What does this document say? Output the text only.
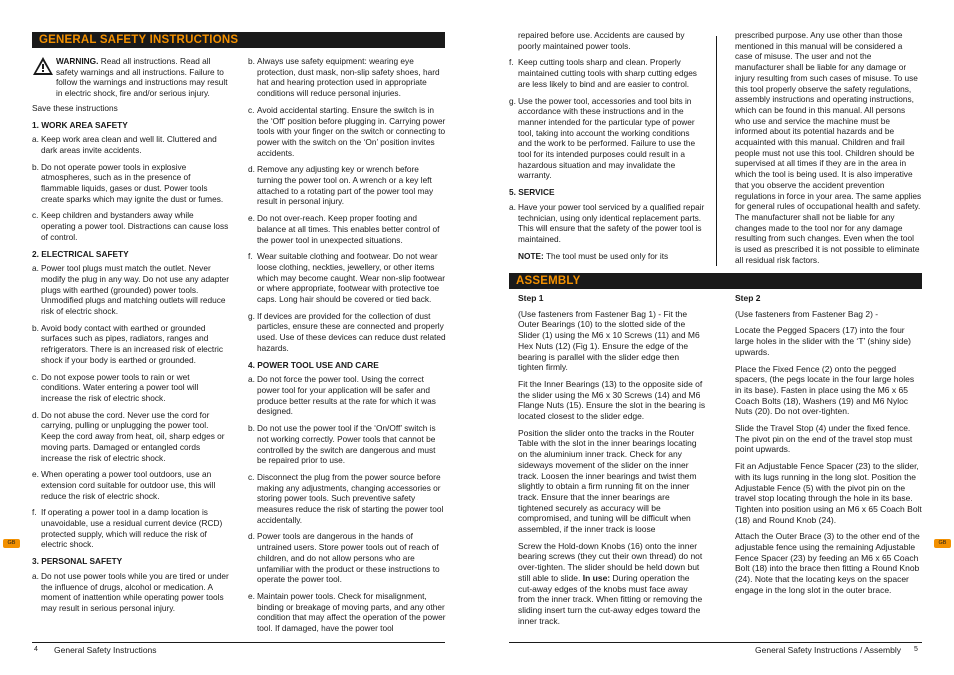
GENERAL SAFETY INSTRUCTIONS
WARNING. Read all instructions. Read all safety warnings and all instructions. Failure to follow the warnings and instructions may result in electric shock, fire and/or serious injury.

Save these instructions

1. WORK AREA SAFETY
a. Keep work area clean and well lit. Cluttered and dark areas invite accidents.
b. Do not operate power tools in explosive atmospheres, such as in the presence of flammable liquids, gases or dust. Power tools create sparks which may ignite the dust or fumes.
c. Keep children and bystanders away while operating a power tool. Distractions can cause loss of control.
2. ELECTRICAL SAFETY
a. Power tool plugs must match the outlet. Never modify the plug in any way. Do not use any adapter plugs with earthed (grounded) power tools. Unmodified plugs and matching outlets will reduce risk of electric shock.
b. Avoid body contact with earthed or grounded surfaces such as pipes, radiators, ranges and refrigerators. There is an increased risk of electric shock if your body is earthed or grounded.
c. Do not expose power tools to rain or wet conditions. Water entering a power tool will increase the risk of electric shock.
d. Do not abuse the cord. Never use the cord for carrying, pulling or unplugging the power tool. Keep the cord away from heat, oil, sharp edges or moving parts. Damaged or entangled cords increase the risk of electric shock.
e. When operating a power tool outdoors, use an extension cord suitable for outdoor use, this will reduce the risk of electric shock.
f. If operating a power tool in a damp location is unavoidable, use a residual current device (RCD) protected supply, which will reduce the risk of electric shock.
3. PERSONAL SAFETY
a. Do not use power tools while you are tired or under the influence of drugs, alcohol or medication. A moment of inattention while operating power tools may result in serious personal injury.
b. Always use safety equipment: wearing eye protection, dust mask, non-slip safety shoes, hard hat and hearing protection used in appropriate conditions will reduce personal injuries.
c. Avoid accidental starting. Ensure the switch is in the ‘Off’ position before plugging in. Carrying power tools with your finger on the switch or connecting to power with the switch on the ‘On’ position invites accidents.
d. Remove any adjusting key or wrench before turning the power tool on. A wrench or a key left attached to a rotating part of the power tool may result in personal injury.
e. Do not over-reach. Keep proper footing and balance at all times. This enables better control of the power tool in unexpected situations.
f. Wear suitable clothing and footwear. Do not wear loose clothing, neckties, jewellery, or other items which may become caught. Wear non-slip footwear or where appropriate, footwear with protective toe caps. Long hair should be covered or tied back.
g. If devices are provided for the collection of dust particles, ensure these are connected and properly used. Use of these devices can reduce dust related hazards.
4. POWER TOOL USE AND CARE
a. Do not force the power tool. Using the correct power tool for your application will be safer and produce better results at the rate for which it was designed.
b. Do not use the power tool if the ‘On/Off’ switch is not working correctly. Power tools that cannot be controlled by the switch are dangerous and must be repaired prior to use.
c. Disconnect the plug from the power source before making any adjustments, changing accessories or storing power tools. Such preventive safety measures reduce the risk of starting the power tool accidentally.
d. Power tools are dangerous in the hands of untrained users. Store power tools out of reach of children, and do not allow persons who are unfamiliar with the product or these instructions to operate the power tool.
e. Maintain power tools. Check for misalignment, binding or breakage of moving parts, and any other condition that may affect the operation of the power tool. If damaged, have the power tool
repaired before use. Accidents are caused by poorly maintained power tools.
f. Keep cutting tools sharp and clean. Properly maintained cutting tools with sharp cutting edges are less likely to bind and are easier to control.
g. Use the power tool, accessories and tool bits in accordance with these instructions and in the manner intended for the particular type of power tool, taking into account the working conditions and the work to be performed. Failure to use the tool for its intended purposes could result in a hazardous situation and may invalidate the warranty.
5. SERVICE
a. Have your power tool serviced by a qualified repair technician, using only identical replacement parts. This will ensure that the safety of the power tool is maintained.
NOTE: The tool must be used only for its

prescribed purpose. Any use other than those mentioned in this manual will be considered a case of misuse. The user and not the manufacturer shall be liable for any damage or injury resulting from such cases of misuse. To use this tool properly observe the safety regulations, assembly instructions and operating instructions, which can be found in this manual. All persons who use and service the machine must be informed about its potential hazards and be acquainted with this manual. Children and frail people must not use this tool. Children should be supervised at all times if they are in the area in which the tool is being used. It is also imperative that you observe the accident prevention regulations in force in your area. The same applies for general rules of occupational health and safety. The manufacturer shall not be liable for any changes made to the tool nor for any damage resulting from such changes. Even when the tool is used as prescribed it is not possible to eliminate all residual risk factors.

ASSEMBLY
Step 1

(Use fasteners from Fastener Bag 1) - Fit the Outer Bearings (10) to the slotted side of the Slider (1) using the M6 x 10 Screws (11) and M6 Hex Nuts (12) (Fig 1). Ensure the edge of the bearing is parallel with the slider edge then tighten firmly.

Fit the Inner Bearings (13) to the opposite side of the slider using the M6 x 30 Screws (14) and M6 Flange Nuts (15). Ensure the slot in the bearing is located closest to the slider edge.

Position the slider onto the tracks in the Router Table with the slot in the inner bearings locating on the aluminium inner track. Check for any sideways movement of the slider on the inner track. Loosen the inner bearings and twist them slightly to obtain a firm running fit on the inner track. Ensure that the inner bearings are tightened securely as accuracy will be compromised, and tuning will be difficult when assembled, if the inner track is loose

Screw the Hold-down Knobs (16) onto the inner bearing screws (they cut their own thread) do not over-tighten. The slider should be held down but still able to slide. In use: During operation the cut-away edges of the knobs must face away from the inner track. When fitting or removing the sliding insert turn the cut-away edges toward the inner track.

Step 2

(Use fasteners from Fastener Bag 2) -

Locate the Pegged Spacers (17) into the four large holes in the slider with the ‘T’ (shiny side) upwards.

Place the Fixed Fence (2) onto the pegged spacers, (the pegs locate in the four large holes in its base). Fasten in place using the M6 x 65 Coach Bolts (18), Washers (19) and M6 Nyloc Nuts (20). Do not over-tighten.

Slide the Travel Stop (4) under the fixed fence. The pivot pin on the end of the travel stop must point upwards.

Fit an Adjustable Fence Spacer (23) to the slider, with its lugs running in the long slot. Position the Adjustable Fence (5) with the pivot pin on the travel stop locating through the hole in its base. Tighten into position using an M6 x 65 Coach Bolt (18) and Round Knob (24).

Attach the Outer Brace (3) to the other end of the adjustable fence using the remaining Adjustable Fence Spacer (23) by feeding an M6 x 65 Coach Bolt (18) into the brace then fitting a Round Knob (24). Note that the locating keys on the spacer engage in the long slot in the outer brace.

GB	GB
4 General Safety Instructions	General Safety Instructions / Assembly 5
